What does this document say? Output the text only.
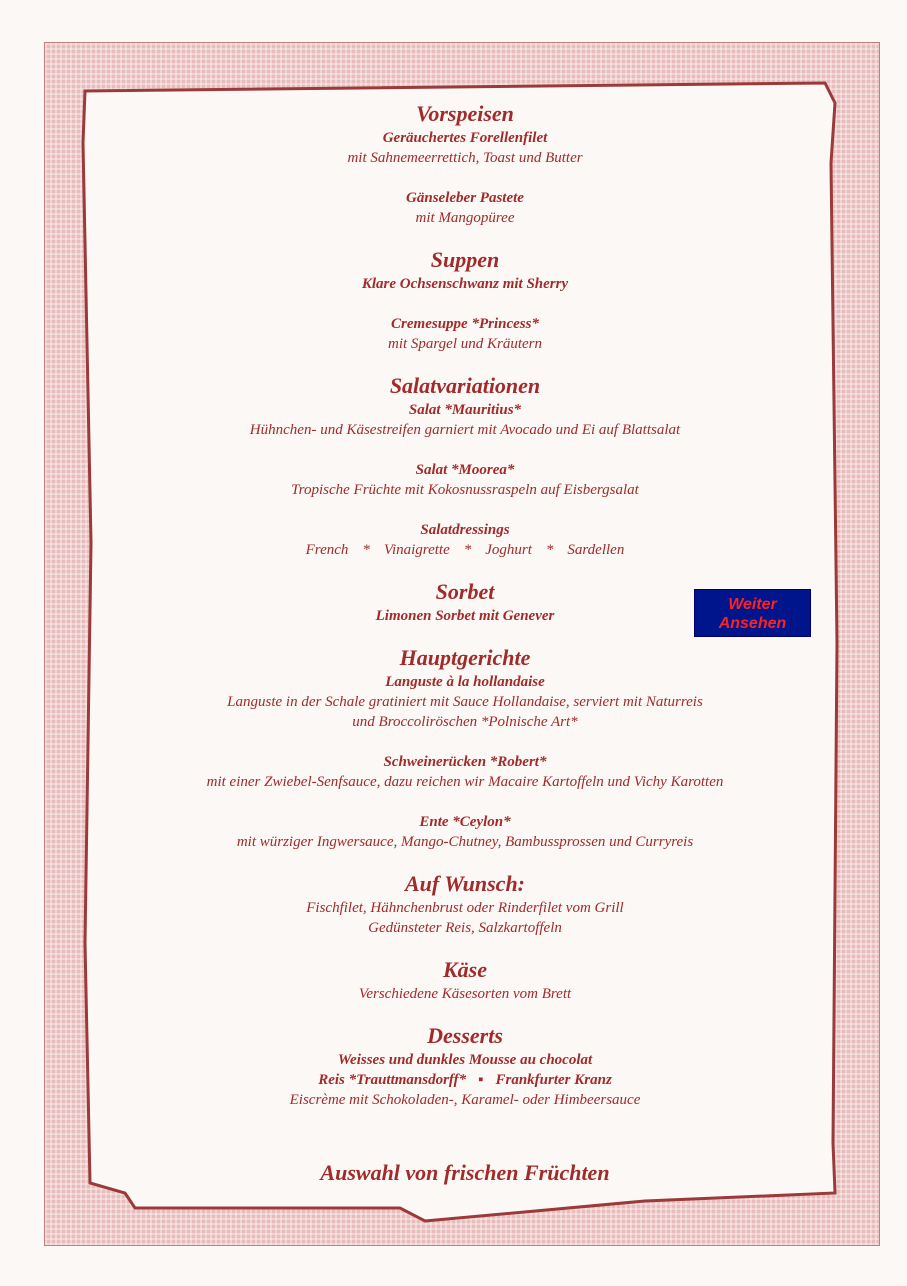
Vorspeisen
Geräuchertes Forellenfilet
mit Sahnemeerrettich, Toast und Butter
Gänseleber Pastete
mit Mangopüree
Suppen
Klare Ochsenschwanz mit Sherry
Cremesuppe *Princess*
mit Spargel und Kräutern
Salatvariationen
Salat *Mauritius*
Hühnchen- und Käsestreifen garniert mit Avocado und Ei auf Blattsalat
Salat *Moorea*
Tropische Früchte mit Kokosnussraspeln auf Eisbergsalat
Salatdressings
French * Vinaigrette * Joghurt * Sardellen
Sorbet
Limonen Sorbet mit Genever
Hauptgerichte
Languste à la hollandaise
Languste in der Schale gratiniert mit Sauce Hollandaise, serviert mit Naturreis
und Broccoliröschen *Polnische Art*
Schweinerücken *Robert*
mit einer Zwiebel-Senfsauce, dazu reichen wir Macaire Kartoffeln und Vichy Karotten
Ente *Ceylon*
mit würziger Ingwersauce, Mango-Chutney, Bambussprossen und Curryreis
Auf Wunsch:
Fischfilet, Hähnchenbrust oder Rinderfilet vom Grill
Gedünsteter Reis, Salzkartoffeln
Käse
Verschiedene Käsesorten vom Brett
Desserts
Weisses und dunkles Mousse au chocolat
Reis *Trauttmansdorff* ▪ Frankfurter Kranz
Eiscrème mit Schokoladen-, Karamel- oder Himbeersauce
Auswahl von frischen Früchten
Weiter
Ansehen
